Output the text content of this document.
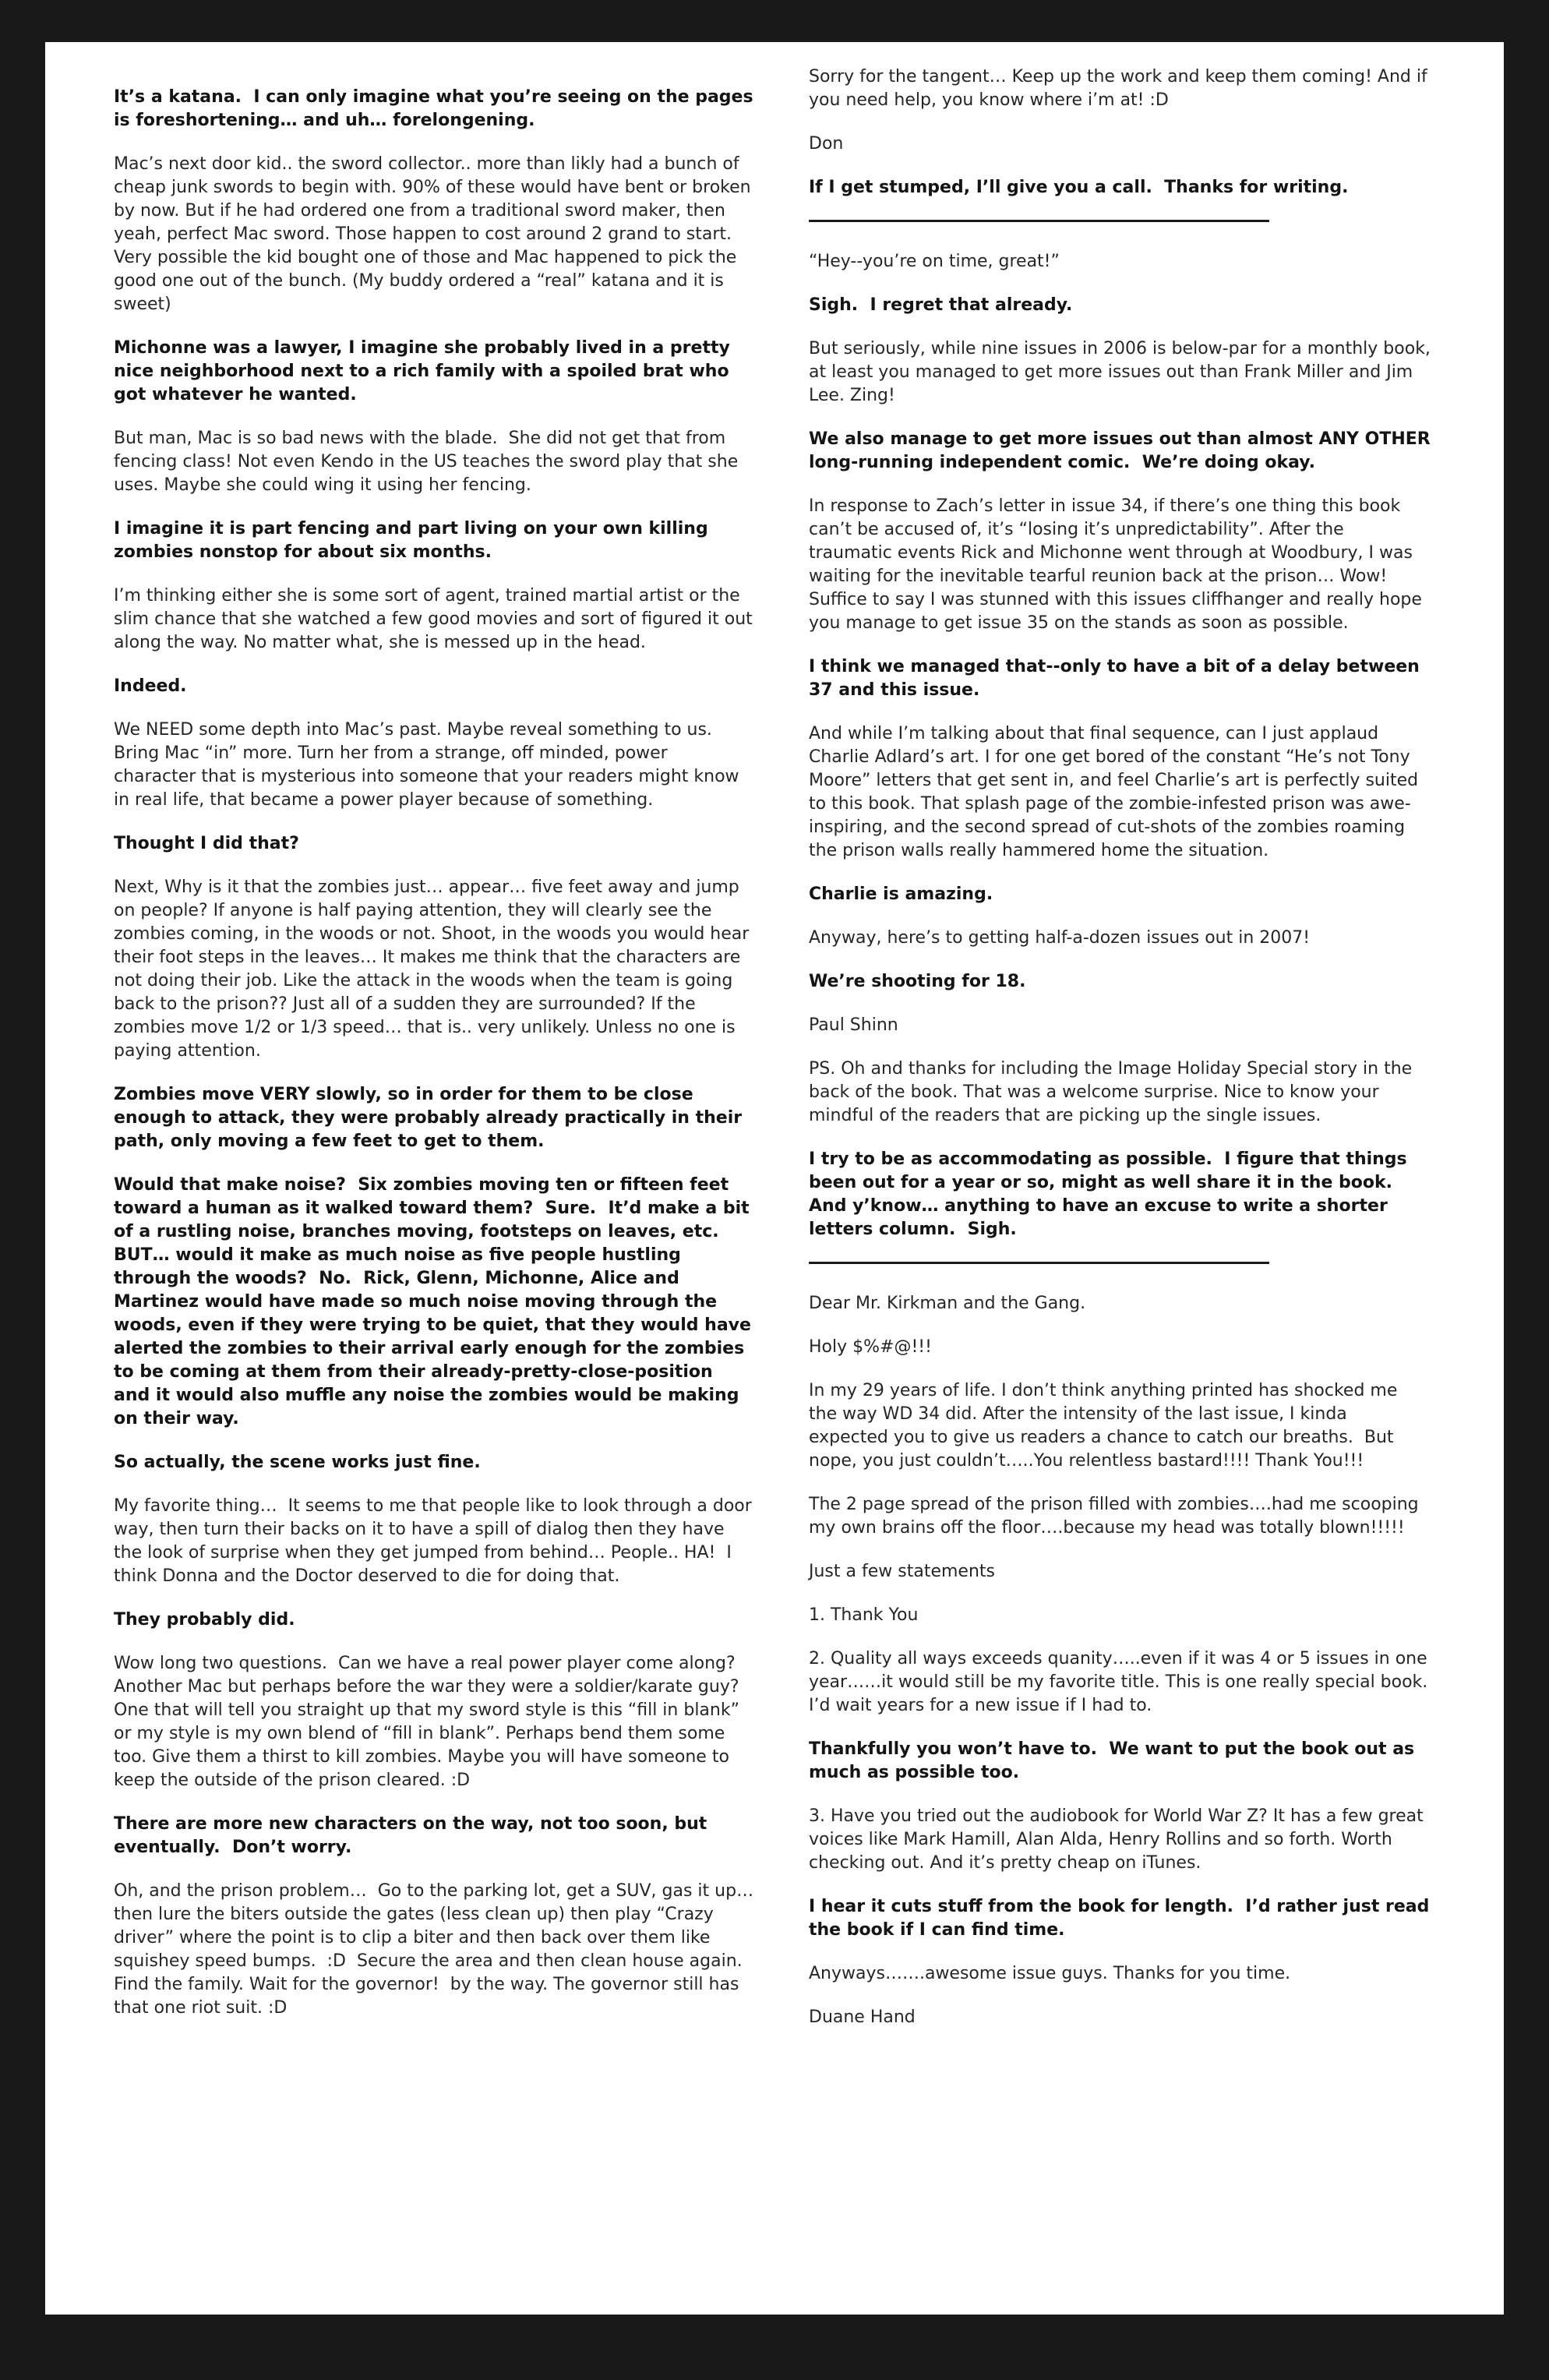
It’s a katana.  I can only imagine what you’re seeing on the pages is foreshortening… and uh… forelongening.

Mac’s next door kid.. the sword collector.. more than likly had a bunch of cheap junk swords to begin with. 90% of these would have bent or broken by now. But if he had ordered one from a traditional sword maker, then yeah, perfect Mac sword. Those happen to cost around 2 grand to start. Very possible the kid bought one of those and Mac happened to pick the good one out of the bunch. (My buddy ordered a “real” katana and it is sweet)

Michonne was a lawyer, I imagine she probably lived in a pretty nice neighborhood next to a rich family with a spoiled brat who got whatever he wanted.

But man, Mac is so bad news with the blade.  She did not get that from fencing class! Not even Kendo in the US teaches the sword play that she uses. Maybe she could wing it using her fencing.

I imagine it is part fencing and part living on your own killing zombies nonstop for about six months.

I’m thinking either she is some sort of agent, trained martial artist or the slim chance that she watched a few good movies and sort of figured it out along the way. No matter what, she is messed up in the head.

Indeed.

We NEED some depth into Mac’s past. Maybe reveal something to us. Bring Mac “in” more. Turn her from a strange, off minded, power character that is mysterious into someone that your readers might know in real life, that became a power player because of something.

Thought I did that?

Next, Why is it that the zombies just… appear… five feet away and jump on people? If anyone is half paying attention, they will clearly see the zombies coming, in the woods or not. Shoot, in the woods you would hear their foot steps in the leaves… It makes me think that the characters are not doing their job. Like the attack in the woods when the team is going back to the prison?? Just all of a sudden they are surrounded? If the zombies move 1/2 or 1/3 speed… that is.. very unlikely. Unless no one is paying attention.

Zombies move VERY slowly, so in order for them to be close enough to attack, they were probably already practically in their path, only moving a few feet to get to them.

Would that make noise?  Six zombies moving ten or fifteen feet toward a human as it walked toward them?  Sure.  It’d make a bit of a rustling noise, branches moving, footsteps on leaves, etc.  BUT… would it make as much noise as five people hustling through the woods?  No.  Rick, Glenn, Michonne, Alice and Martinez would have made so much noise moving through the woods, even if they were trying to be quiet, that they would have alerted the zombies to their arrival early enough for the zombies to be coming at them from their already-pretty-close-position and it would also muffle any noise the zombies would be making on their way.

So actually, the scene works just fine.

My favorite thing…  It seems to me that people like to look through a door way, then turn their backs on it to have a spill of dialog then they have the look of surprise when they get jumped from behind… People.. HA!  I think Donna and the Doctor deserved to die for doing that.

They probably did.

Wow long two questions.  Can we have a real power player come along? Another Mac but perhaps before the war they were a soldier/karate guy? One that will tell you straight up that my sword style is this “fill in blank” or my style is my own blend of “fill in blank”. Perhaps bend them some too. Give them a thirst to kill zombies. Maybe you will have someone to keep the outside of the prison cleared. :D

There are more new characters on the way, not too soon, but eventually.  Don’t worry.

Oh, and the prison problem…  Go to the parking lot, get a SUV, gas it up… then lure the biters outside the gates (less clean up) then play “Crazy driver” where the point is to clip a biter and then back over them like squishey speed bumps.  :D  Secure the area and then clean house again. Find the family. Wait for the governor!  by the way. The governor still has that one riot suit. :D

Sorry for the tangent… Keep up the work and keep them coming! And if you need help, you know where i’m at! :D

Don

If I get stumped, I’ll give you a call.  Thanks for writing.

“Hey--you’re on time, great!”

Sigh.  I regret that already.

But seriously, while nine issues in 2006 is below-par for a monthly book, at least you managed to get more issues out than Frank Miller and Jim Lee. Zing!

We also manage to get more issues out than almost ANY OTHER long-running independent comic.  We’re doing okay.

In response to Zach’s letter in issue 34, if there’s one thing this book can’t be accused of, it’s “losing it’s unpredictability”. After the traumatic events Rick and Michonne went through at Woodbury, I was waiting for the inevitable tearful reunion back at the prison… Wow! Suffice to say I was stunned with this issues cliffhanger and really hope you manage to get issue 35 on the stands as soon as possible.

I think we managed that--only to have a bit of a delay between 37 and this issue.

And while I’m talking about that final sequence, can I just applaud Charlie Adlard’s art. I for one get bored of the constant “He’s not Tony Moore” letters that get sent in, and feel Charlie’s art is perfectly suited to this book. That splash page of the zombie-infested prison was awe-inspiring, and the second spread of cut-shots of the zombies roaming the prison walls really hammered home the situation.

Charlie is amazing.

Anyway, here’s to getting half-a-dozen issues out in 2007!

We’re shooting for 18.

Paul Shinn

PS. Oh and thanks for including the Image Holiday Special story in the back of the book. That was a welcome surprise. Nice to know your mindful of the readers that are picking up the single issues.

I try to be as accommodating as possible.  I figure that things been out for a year or so, might as well share it in the book.  And y’know… anything to have an excuse to write a shorter letters column.  Sigh.

Dear Mr. Kirkman and the Gang.

Holy $%#@!!!

In my 29 years of life. I don’t think anything printed has shocked me the way WD 34 did. After the intensity of the last issue, I kinda expected you to give us readers a chance to catch our breaths.  But nope, you just couldn’t…..You relentless bastard!!!! Thank You!!!

The 2 page spread of the prison filled with zombies….had me scooping my own brains off the floor….because my head was totally blown!!!!!

Just a few statements

1. Thank You

2. Quality all ways exceeds quanity…..even if it was 4 or 5 issues in one year……it would still be my favorite title. This is one really special book. I’d wait years for a new issue if I had to.

Thankfully you won’t have to.  We want to put the book out as much as possible too.

3. Have you tried out the audiobook for World War Z? It has a few great voices like Mark Hamill, Alan Alda, Henry Rollins and so forth. Worth checking out. And it’s pretty cheap on iTunes.

I hear it cuts stuff from the book for length.  I’d rather just read the book if I can find time.

Anyways…….awesome issue guys. Thanks for you time.

Duane Hand
